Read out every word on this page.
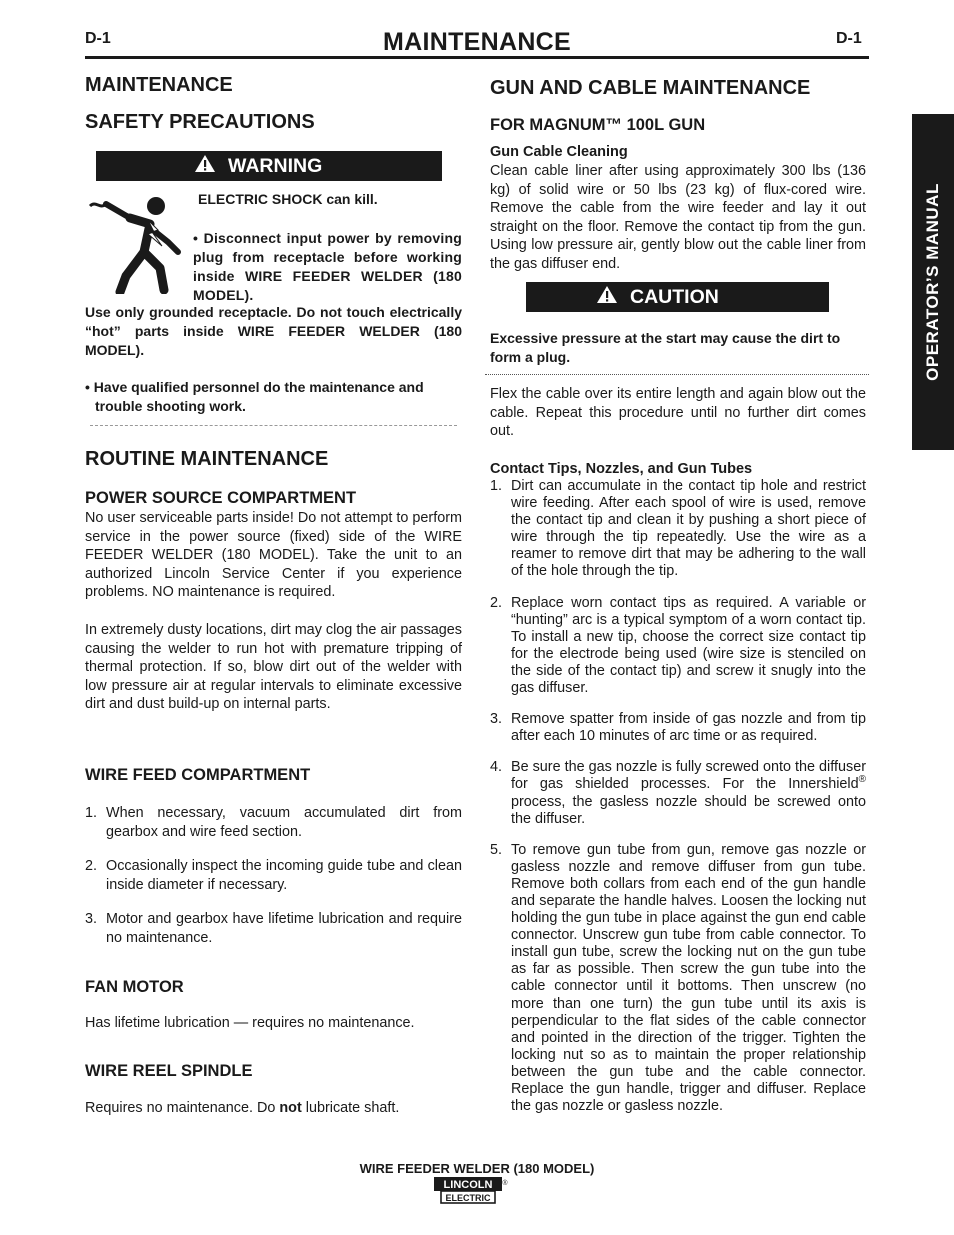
D-1	MAINTENANCE	D-1
OPERATOR’S MANUAL
MAINTENANCE
SAFETY PRECAUTIONS
WARNING
ELECTRIC SHOCK can kill.
• Disconnect input power by removing plug from receptacle before working inside WIRE FEEDER WELDER (180 MODEL).
Use only grounded receptacle. Do not touch electrically “hot” parts inside WIRE FEEDER WELDER (180 MODEL).
• Have qualified personnel do the maintenance and trouble shooting work.
ROUTINE MAINTENANCE
POWER SOURCE COMPARTMENT
No user serviceable parts inside! Do not attempt to perform service in the power source (fixed) side of the WIRE FEEDER WELDER (180 MODEL). Take the unit to an authorized Lincoln Service Center if you experience problems. NO maintenance is required.
In extremely dusty locations, dirt may clog the air passages causing the welder to run hot with premature tripping of thermal protection. If so, blow dirt out of the welder with low pressure air at regular intervals to eliminate excessive dirt and dust build-up on internal parts.
WIRE FEED COMPARTMENT
1. When necessary, vacuum accumulated dirt from gearbox and wire feed section.
2. Occasionally inspect the incoming guide tube and clean inside diameter if necessary.
3. Motor and gearbox have lifetime lubrication and require no maintenance.
FAN MOTOR
Has lifetime lubrication — requires no maintenance.
WIRE REEL SPINDLE
Requires no maintenance. Do not lubricate shaft.
GUN AND CABLE MAINTENANCE
FOR MAGNUM™ 100L GUN
Gun Cable Cleaning
Clean cable liner after using approximately 300 lbs (136 kg) of solid wire or 50 lbs (23 kg) of flux-cored wire. Remove the cable from the wire feeder and lay it out straight on the floor. Remove the contact tip from the gun. Using low pressure air, gently blow out the cable liner from the gas diffuser end.
CAUTION
Excessive pressure at the start may cause the dirt to form a plug.
Flex the cable over its entire length and again blow out the cable. Repeat this procedure until no further dirt comes out.
Contact Tips, Nozzles, and Gun Tubes
1. Dirt can accumulate in the contact tip hole and restrict wire feeding. After each spool of wire is used, remove the contact tip and clean it by pushing a short piece of wire through the tip repeatedly. Use the wire as a reamer to remove dirt that may be adhering to the wall of the hole through the tip.
2. Replace worn contact tips as required. A variable or “hunting” arc is a typical symptom of a worn contact tip. To install a new tip, choose the correct size contact tip for the electrode being used (wire size is stenciled on the side of the contact tip) and screw it snugly into the gas diffuser.
3. Remove spatter from inside of gas nozzle and from tip after each 10 minutes of arc time or as required.
4. Be sure the gas nozzle is fully screwed onto the diffuser for gas shielded processes. For the Innershield® process, the gasless nozzle should be screwed onto the diffuser.
5. To remove gun tube from gun, remove gas nozzle or gasless nozzle and remove diffuser from gun tube. Remove both collars from each end of the gun handle and separate the handle halves. Loosen the locking nut holding the gun tube in place against the gun end cable connector. Unscrew gun tube from cable connector. To install gun tube, screw the locking nut on the gun tube as far as possible. Then screw the gun tube into the cable connector until it bottoms. Then unscrew (no more than one turn) the gun tube until its axis is perpendicular to the flat sides of the cable connector and pointed in the direction of the trigger. Tighten the locking nut so as to maintain the proper relationship between the gun tube and the cable connector. Replace the gun handle, trigger and diffuser. Replace the gas nozzle or gasless nozzle.
WIRE FEEDER WELDER (180 MODEL)
LINCOLN
ELECTRIC
®
